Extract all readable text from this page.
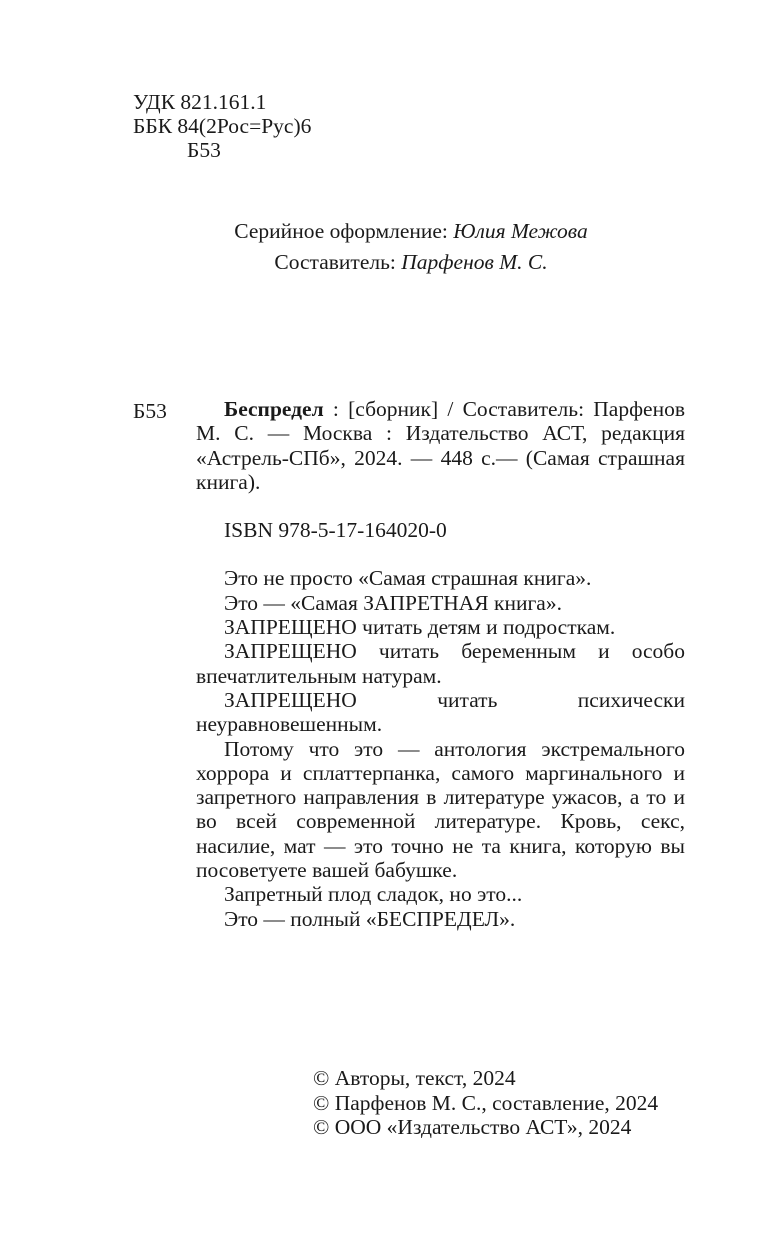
УДК 821.161.1
ББК 84(2Рос=Рус)6
Б53
Серийное оформление: Юлия Межова
Составитель: Парфенов М. С.
Б53	Беспредел : [сборник] / Составитель: Парфенов М. С. — Москва : Издательство АСТ, редакция «Астрель-СПб», 2024. — 448 с.— (Самая страшная книга).

ISBN 978-5-17-164020-0

Это не просто «Самая страшная книга».

Это — «Самая ЗАПРЕТНАЯ книга».

ЗАПРЕЩЕНО читать детям и подросткам.

ЗАПРЕЩЕНО читать беременным и особо впечатлительным натурам.

ЗАПРЕЩЕНО читать психически неуравновешенным.

Потому что это — антология экстремального хоррора и сплаттерпанка, самого маргинального и запретного направления в литературе ужасов, а то и во всей современной литературе. Кровь, секс, насилие, мат — это точно не та книга, которую вы посоветуете вашей бабушке.

Запретный плод сладок, но это...

Это — полный «БЕСПРЕДЕЛ».

© Авторы, текст, 2024
© Парфенов М. С., составление, 2024
© ООО «Издательство АСТ», 2024
